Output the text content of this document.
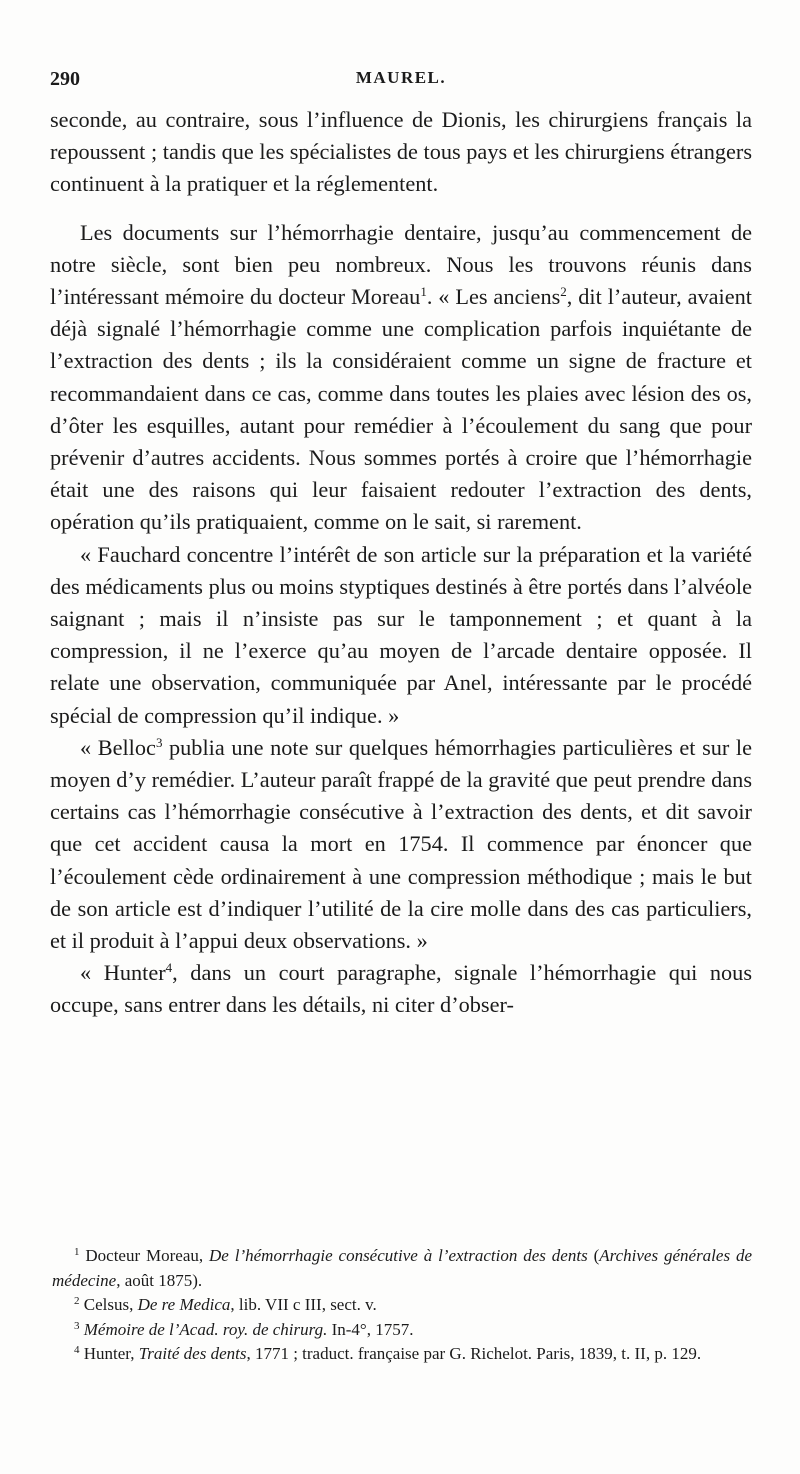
290	MAUREL.

seconde, au contraire, sous l’influence de Dionis, les chirurgiens français la repoussent ; tandis que les spécialistes de tous pays et les chirurgiens étrangers continuent à la pratiquer et la réglementent.

Les documents sur l’hémorrhagie dentaire, jusqu’au commencement de notre siècle, sont bien peu nombreux. Nous les trouvons réunis dans l’intéressant mémoire du docteur Moreau$^1$. « Les anciens$^2$, dit l’auteur, avaient déjà signalé l’hémorrhagie comme une complication parfois inquiétante de l’extraction des dents ; ils la considéraient comme un signe de fracture et recommandaient dans ce cas, comme dans toutes les plaies avec lésion des os, d’ôter les esquilles, autant pour remédier à l’écoulement du sang que pour prévenir d’autres accidents. Nous sommes portés à croire que l’hémorrhagie était une des raisons qui leur faisaient redouter l’extraction des dents, opération qu’ils pratiquaient, comme on le sait, si rarement.

« Fauchard concentre l’intérêt de son article sur la préparation et la variété des médicaments plus ou moins styptiques destinés à être portés dans l’alvéole saignant ; mais il n’insiste pas sur le tamponnement ; et quant à la compression, il ne l’exerce qu’au moyen de l’arcade dentaire opposée. Il relate une observation, communiquée par Anel, intéressante par le procédé spécial de compression qu’il indique. »

« Belloc$^3$ publia une note sur quelques hémorrhagies particulières et sur le moyen d’y remédier. L’auteur paraît frappé de la gravité que peut prendre dans certains cas l’hémorrhagie consécutive à l’extraction des dents, et dit savoir que cet accident causa la mort en 1754. Il commence par énoncer que l’écoulement cède ordinairement à une compression méthodique ; mais le but de son article est d’indiquer l’utilité de la cire molle dans des cas particuliers, et il produit à l’appui deux observations. »

« Hunter$^4$, dans un court paragraphe, signale l’hémorrhagie qui nous occupe, sans entrer dans les détails, ni citer d’obser-

$^1$ Docteur Moreau, De l’hémorrhagie consécutive à l’extraction des dents (Archives générales de médecine, août 1875).

$^2$ Celsus, De re Medica, lib. VII c III, sect. v.

$^3$ Mémoire de l’Acad. roy. de chirurg. In-4°, 1757.

$^4$ Hunter, Traité des dents, 1771 ; traduct. française par G. Richelot. Paris, 1839, t. II, p. 129.
